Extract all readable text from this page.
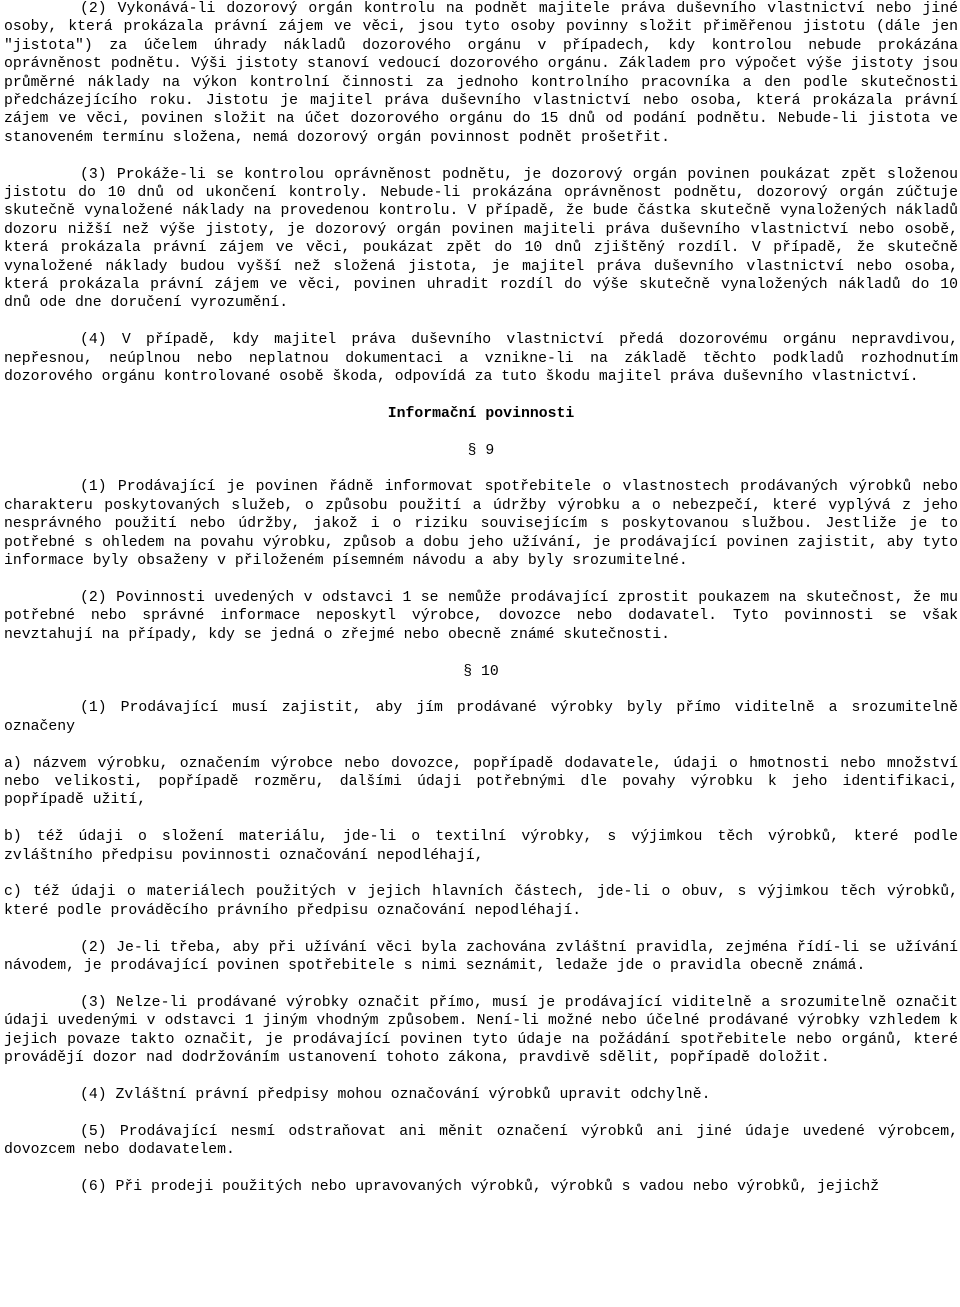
(2) Vykonává-li dozorový orgán kontrolu na podnět majitele práva duševního vlastnictví nebo jiné osoby, která prokázala právní zájem ve věci, jsou tyto osoby povinny složit přiměřenou jistotu (dále jen "jistota") za účelem úhrady nákladů dozorového orgánu v případech, kdy kontrolou nebude prokázána oprávněnost podnětu. Výši jistoty stanoví vedoucí dozorového orgánu. Základem pro výpočet výše jistoty jsou průměrné náklady na výkon kontrolní činnosti za jednoho kontrolního pracovníka a den podle skutečnosti předcházejícího roku. Jistotu je majitel práva duševního vlastnictví nebo osoba, která prokázala právní zájem ve věci, povinen složit na účet dozorového orgánu do 15 dnů od podání podnětu. Nebude-li jistota ve stanoveném termínu složena, nemá dozorový orgán povinnost podnět prošetřit.

(3) Prokáže-li se kontrolou oprávněnost podnětu, je dozorový orgán povinen poukázat zpět složenou jistotu do 10 dnů od ukončení kontroly. Nebude-li prokázána oprávněnost podnětu, dozorový orgán zúčtuje skutečně vynaložené náklady na provedenou kontrolu. V případě, že bude částka skutečně vynaložených nákladů dozoru nižší než výše jistoty, je dozorový orgán povinen majiteli práva duševního vlastnictví nebo osobě, která prokázala právní zájem ve věci, poukázat zpět do 10 dnů zjištěný rozdíl. V případě, že skutečně vynaložené náklady budou vyšší než složená jistota, je majitel práva duševního vlastnictví nebo osoba, která prokázala právní zájem ve věci, povinen uhradit rozdíl do výše skutečně vynaložených nákladů do 10 dnů ode dne doručení vyrozumění.

(4) V případě, kdy majitel práva duševního vlastnictví předá dozorovému orgánu nepravdivou, nepřesnou, neúplnou nebo neplatnou dokumentaci a vznikne-li na základě těchto podkladů rozhodnutím dozorového orgánu kontrolované osobě škoda, odpovídá za tuto škodu majitel práva duševního vlastnictví.

Informační povinnosti

§ 9

(1) Prodávající je povinen řádně informovat spotřebitele o vlastnostech prodávaných výrobků nebo charakteru poskytovaných služeb, o způsobu použití a údržby výrobku a o nebezpečí, které vyplývá z jeho nesprávného použití nebo údržby, jakož i o riziku souvisejícím s poskytovanou službou. Jestliže je to potřebné s ohledem na povahu výrobku, způsob a dobu jeho užívání, je prodávající povinen zajistit, aby tyto informace byly obsaženy v přiloženém písemném návodu a aby byly srozumitelné.

(2) Povinnosti uvedených v odstavci 1 se nemůže prodávající zprostit poukazem na skutečnost, že mu potřebné nebo správné informace neposkytl výrobce, dovozce nebo dodavatel. Tyto povinnosti se však nevztahují na případy, kdy se jedná o zřejmé nebo obecně známé skutečnosti.

§ 10

(1) Prodávající musí zajistit, aby jím prodávané výrobky byly přímo viditelně a srozumitelně označeny

a) názvem výrobku, označením výrobce nebo dovozce, popřípadě dodavatele, údaji o hmotnosti nebo množství nebo velikosti, popřípadě rozměru, dalšími údaji potřebnými dle povahy výrobku k jeho identifikaci, popřípadě užití,

b) též údaji o složení materiálu, jde-li o textilní výrobky, s výjimkou těch výrobků, které podle zvláštního předpisu povinnosti označování nepodléhají,

c) též údaji o materiálech použitých v jejich hlavních částech, jde-li o obuv, s výjimkou těch výrobků, které podle prováděcího právního předpisu označování nepodléhají.

(2) Je-li třeba, aby při užívání věci byla zachována zvláštní pravidla, zejména řídí-li se užívání návodem, je prodávající povinen spotřebitele s nimi seznámit, ledaže jde o pravidla obecně známá.

(3) Nelze-li prodávané výrobky označit přímo, musí je prodávající viditelně a srozumitelně označit údaji uvedenými v odstavci 1 jiným vhodným způsobem. Není-li možné nebo účelné prodávané výrobky vzhledem k jejich povaze takto označit, je prodávající povinen tyto údaje na požádání spotřebitele nebo orgánů, které provádějí dozor nad dodržováním ustanovení tohoto zákona, pravdivě sdělit, popřípadě doložit.

(4) Zvláštní právní předpisy mohou označování výrobků upravit odchylně.

(5) Prodávající nesmí odstraňovat ani měnit označení výrobků ani jiné údaje uvedené výrobcem, dovozcem nebo dodavatelem.

(6) Při prodeji použitých nebo upravovaných výrobků, výrobků s vadou nebo výrobků, jejichž
